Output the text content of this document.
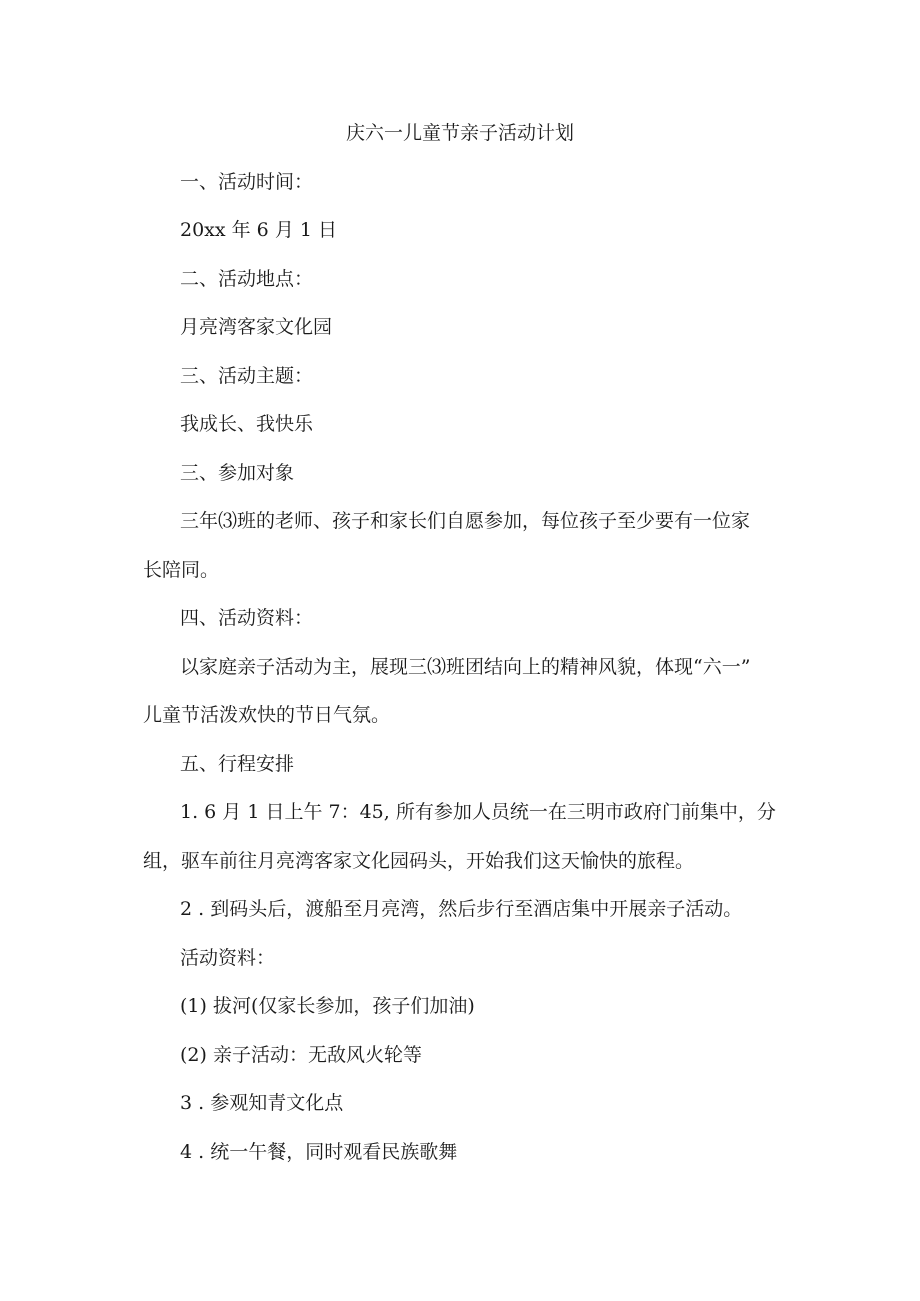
庆六一儿童节亲子活动计划

一、活动时间：

20xx 年 6 月 1 日

二、活动地点：

月亮湾客家文化园

三、活动主题：

我成长、我快乐

三、参加对象

三年⑶班的老师、孩子和家长们自愿参加，每位孩子至少要有一位家

长陪同。

四、活动资料：

以家庭亲子活动为主，展现三⑶班团结向上的精神风貌，体现“六一”

儿童节活泼欢快的节日气氛。

五、行程安排

1. 6 月 1 日上午 7：45, 所有参加人员统一在三明市政府门前集中，分

组，驱车前往月亮湾客家文化园码头，开始我们这天愉快的旅程。

2 . 到码头后，渡船至月亮湾，然后步行至酒店集中开展亲子活动。

活动资料：

(1) 拔河(仅家长参加，孩子们加油)

(2) 亲子活动：无敌风火轮等

3 . 参观知青文化点

4 . 统一午餐，同时观看民族歌舞
